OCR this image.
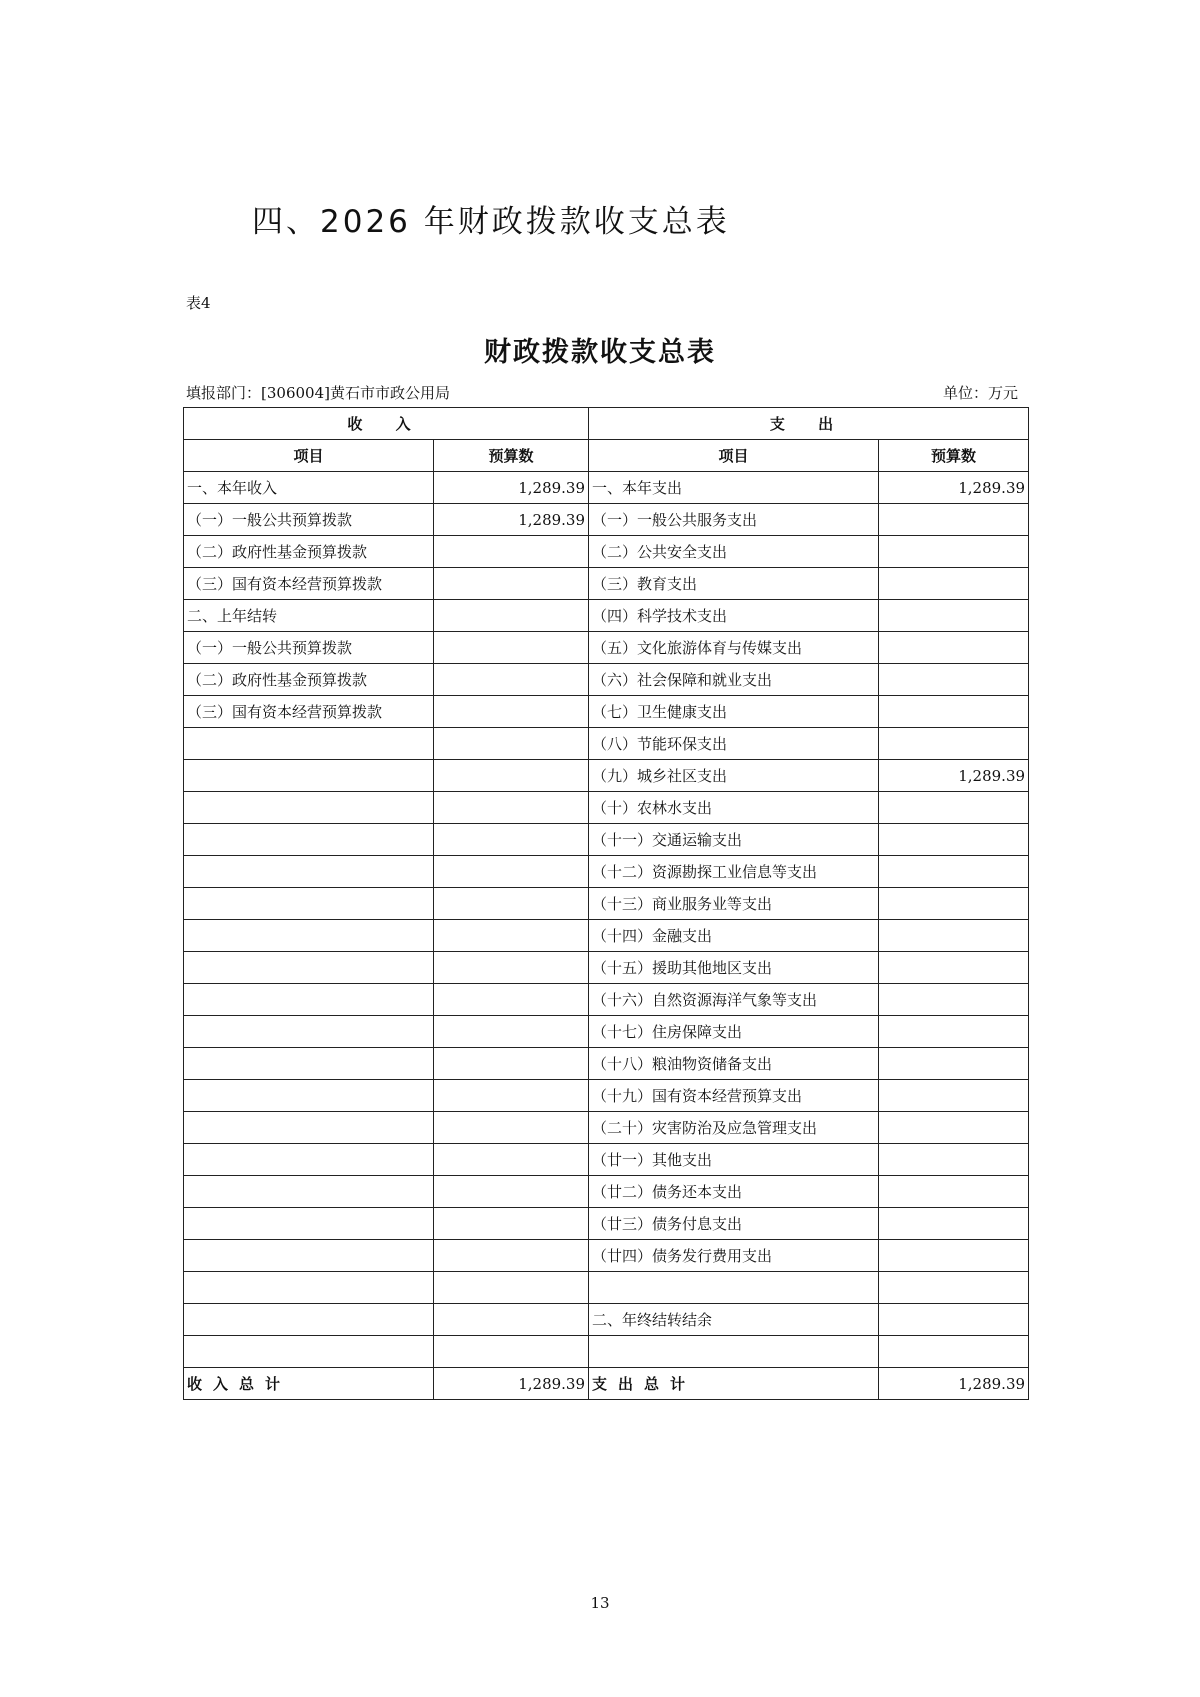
四、2026 年财政拨款收支总表
表4
财政拨款收支总表
填报部门：[306004]黄石市市政公用局	单位：万元
收 入		支 出	
项目	预算数	项目	预算数
一、本年收入	1,289.39	一、本年支出	1,289.39
（一）一般公共预算拨款	1,289.39	（一）一般公共服务支出	
（二）政府性基金预算拨款		（二）公共安全支出	
（三）国有资本经营预算拨款		（三）教育支出	
二、上年结转		（四）科学技术支出	
（一）一般公共预算拨款		（五）文化旅游体育与传媒支出	
（二）政府性基金预算拨款		（六）社会保障和就业支出	
（三）国有资本经营预算拨款		（七）卫生健康支出	
		（八）节能环保支出	
		（九）城乡社区支出	1,289.39
		（十）农林水支出	
		（十一）交通运输支出	
		（十二）资源勘探工业信息等支出	
		（十三）商业服务业等支出	
		（十四）金融支出	
		（十五）援助其他地区支出	
		（十六）自然资源海洋气象等支出	
		（十七）住房保障支出	
		（十八）粮油物资储备支出	
		（十九）国有资本经营预算支出	
		（二十）灾害防治及应急管理支出	
		（廿一）其他支出	
		（廿二）债务还本支出	
		（廿三）债务付息支出	
		（廿四）债务发行费用支出	

		二、年终结转结余	

收入总计	1,289.39	支出总计	1,289.39
13
